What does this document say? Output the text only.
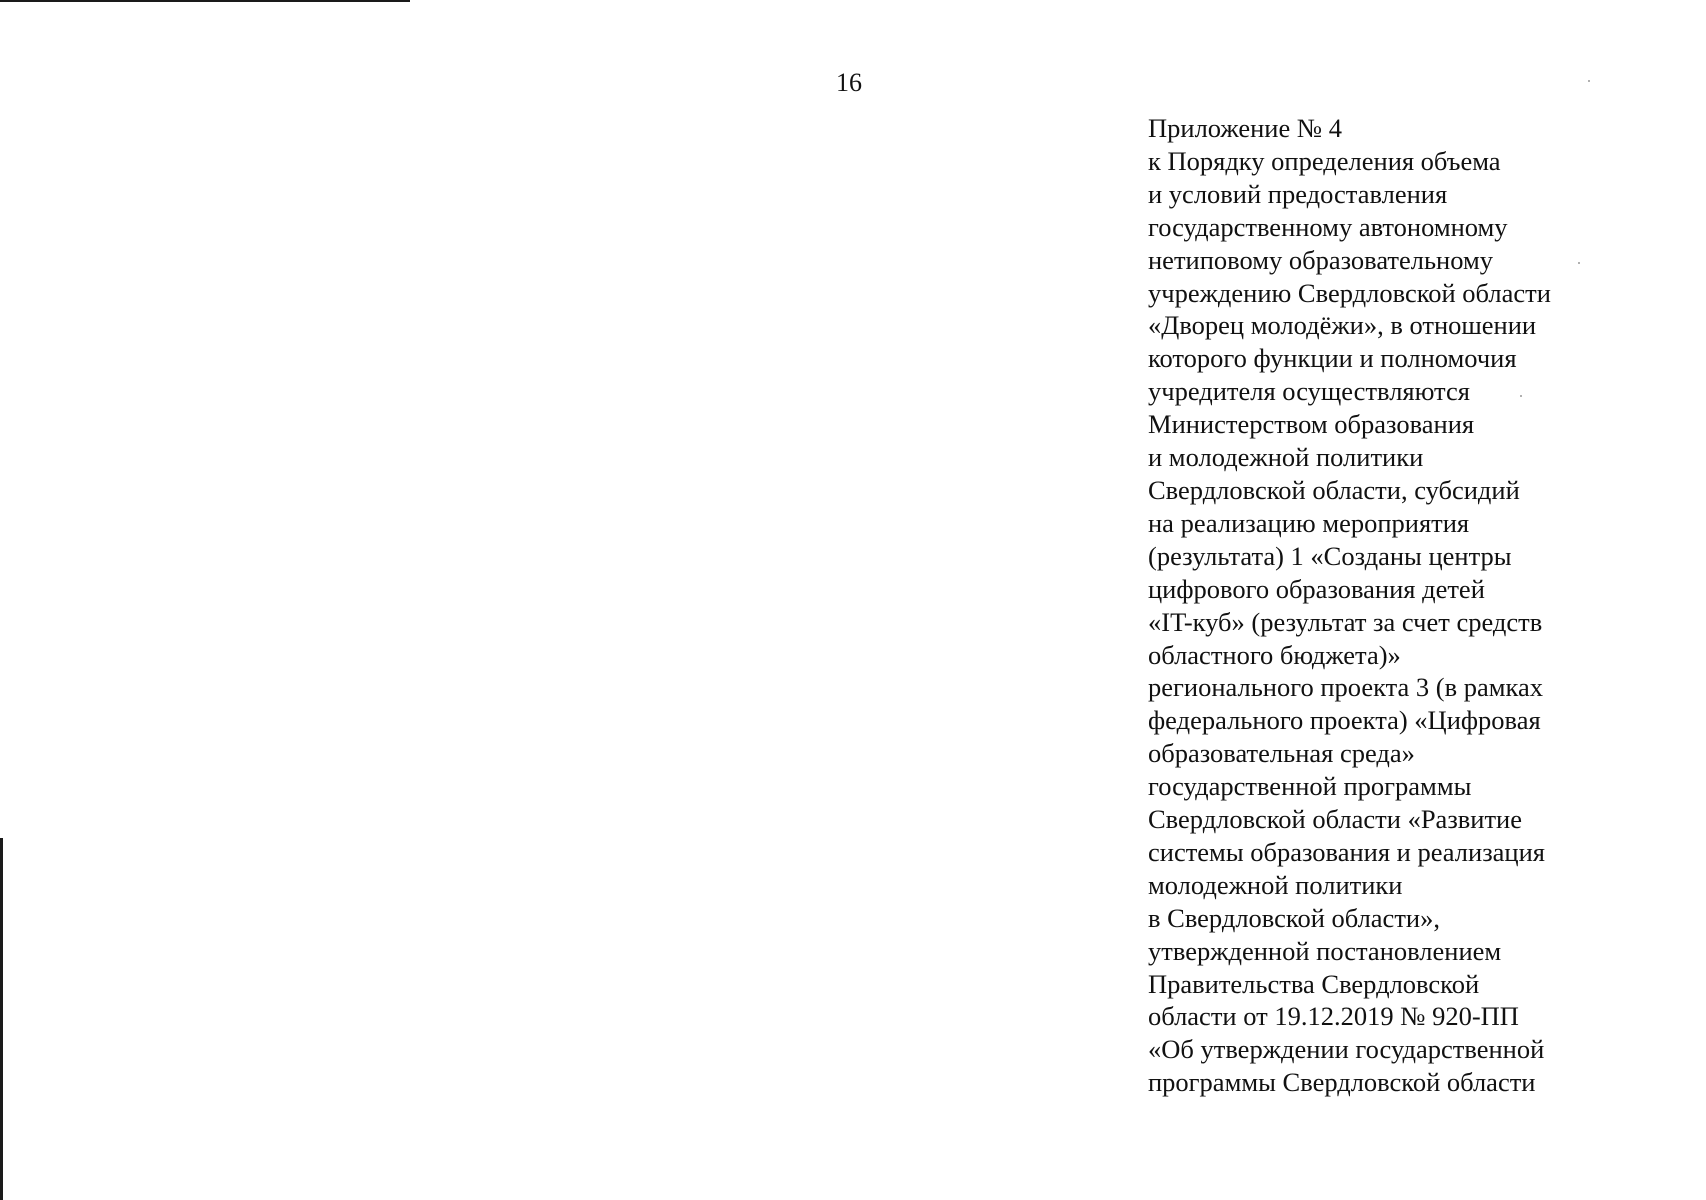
16
Приложение № 4
к Порядку определения объема
и условий предоставления
государственному автономному
нетиповому образовательному
учреждению Свердловской области
«Дворец молодёжи», в отношении
которого функции и полномочия
учредителя осуществляются
Министерством образования
и молодежной политики
Свердловской области, субсидий
на реализацию мероприятия
(результата) 1 «Созданы центры
цифрового образования детей
«IT-куб» (результат за счет средств
областного бюджета)»
регионального проекта 3 (в рамках
федерального проекта) «Цифровая
образовательная среда»
государственной программы
Свердловской области «Развитие
системы образования и реализация
молодежной политики
в Свердловской области»,
утвержденной постановлением
Правительства Свердловской
области от 19.12.2019 № 920-ПП
«Об утверждении государственной
программы Свердловской области
